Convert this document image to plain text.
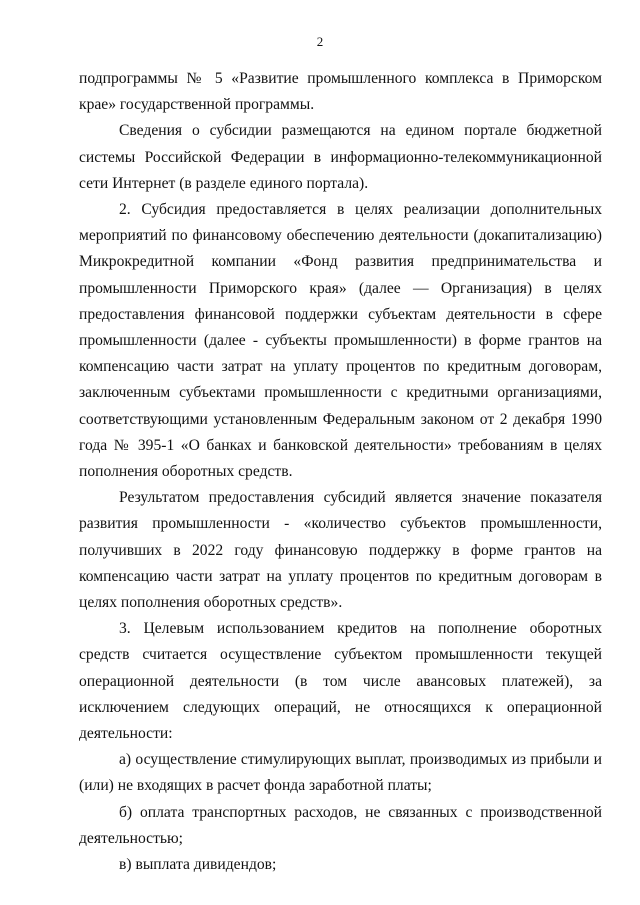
2

подпрограммы № 5 «Развитие промышленного комплекса в Приморском крае» государственной программы.

Сведения о субсидии размещаются на едином портале бюджетной системы Российской Федерации в информационно-телекоммуникационной сети Интернет (в разделе единого портала).

2. Субсидия предоставляется в целях реализации дополнительных мероприятий по финансовому обеспечению деятельности (докапитализацию) Микрокредитной компании «Фонд развития предпринимательства и промышленности Приморского края» (далее — Организация) в целях предоставления финансовой поддержки субъектам деятельности в сфере промышленности (далее - субъекты промышленности) в форме грантов на компенсацию части затрат на уплату процентов по кредитным договорам, заключенным субъектами промышленности с кредитными организациями, соответствующими установленным Федеральным законом от 2 декабря 1990 года № 395-1 «О банках и банковской деятельности» требованиям в целях пополнения оборотных средств.

Результатом предоставления субсидий является значение показателя развития промышленности - «количество субъектов промышленности, получивших в 2022 году финансовую поддержку в форме грантов на компенсацию части затрат на уплату процентов по кредитным договорам в целях пополнения оборотных средств».

3. Целевым использованием кредитов на пополнение оборотных средств считается осуществление субъектом промышленности текущей операционной деятельности (в том числе авансовых платежей), за исключением следующих операций, не относящихся к операционной деятельности:

а) осуществление стимулирующих выплат, производимых из прибыли и (или) не входящих в расчет фонда заработной платы;

б) оплата транспортных расходов, не связанных с производственной деятельностью;

в) выплата дивидендов;
